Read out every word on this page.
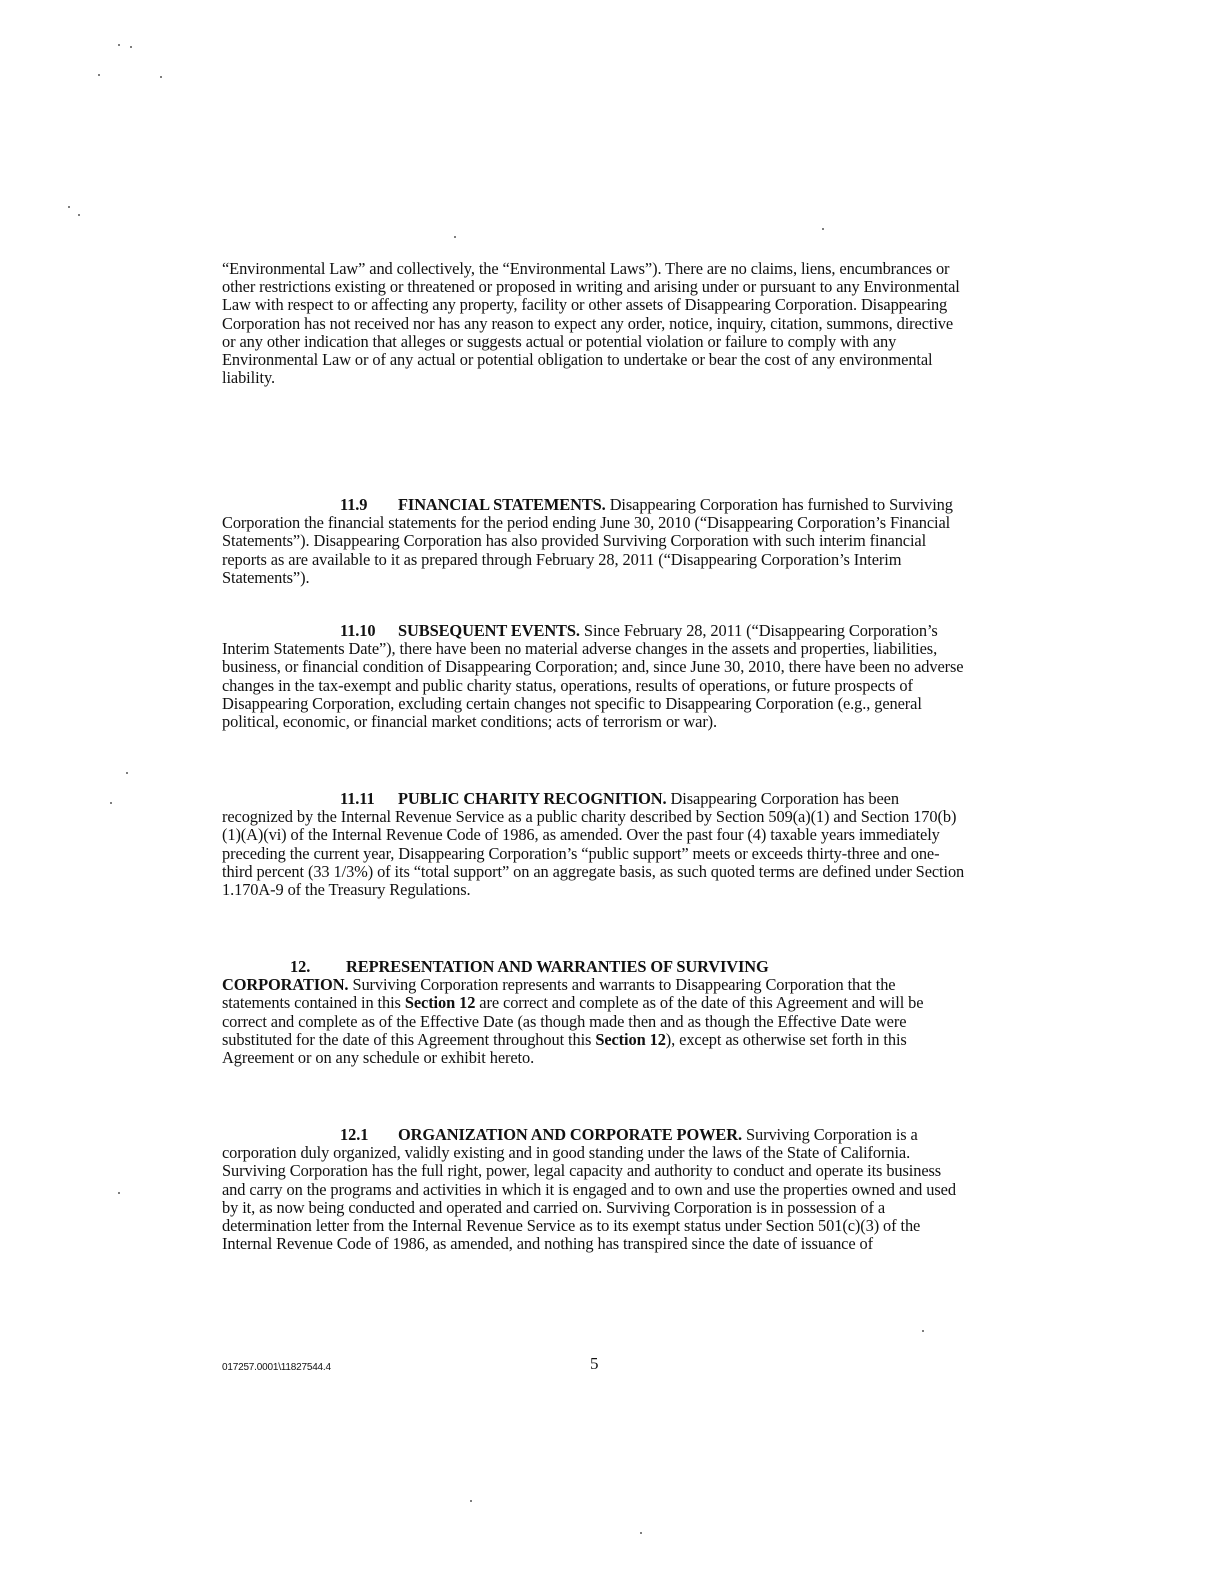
“Environmental Law” and collectively, the “Environmental Laws”). There are no claims, liens, encumbrances or other restrictions existing or threatened or proposed in writing and arising under or pursuant to any Environmental Law with respect to or affecting any property, facility or other assets of Disappearing Corporation. Disappearing Corporation has not received nor has any reason to expect any order, notice, inquiry, citation, summons, directive or any other indication that alleges or suggests actual or potential violation or failure to comply with any Environmental Law or of any actual or potential obligation to undertake or bear the cost of any environmental liability.

11.9 FINANCIAL STATEMENTS. Disappearing Corporation has furnished to Surviving Corporation the financial statements for the period ending June 30, 2010 (“Disappearing Corporation’s Financial Statements”). Disappearing Corporation has also provided Surviving Corporation with such interim financial reports as are available to it as prepared through February 28, 2011 (“Disappearing Corporation’s Interim Statements”).

11.10 SUBSEQUENT EVENTS. Since February 28, 2011 (“Disappearing Corporation’s Interim Statements Date”), there have been no material adverse changes in the assets and properties, liabilities, business, or financial condition of Disappearing Corporation; and, since June 30, 2010, there have been no adverse changes in the tax-exempt and public charity status, operations, results of operations, or future prospects of Disappearing Corporation, excluding certain changes not specific to Disappearing Corporation (e.g., general political, economic, or financial market conditions; acts of terrorism or war).

11.11 PUBLIC CHARITY RECOGNITION. Disappearing Corporation has been recognized by the Internal Revenue Service as a public charity described by Section 509(a)(1) and Section 170(b)(1)(A)(vi) of the Internal Revenue Code of 1986, as amended. Over the past four (4) taxable years immediately preceding the current year, Disappearing Corporation’s “public support” meets or exceeds thirty-three and one-third percent (33 1/3%) of its “total support” on an aggregate basis, as such quoted terms are defined under Section 1.170A-9 of the Treasury Regulations.

12. REPRESENTATION AND WARRANTIES OF SURVIVING
CORPORATION. Surviving Corporation represents and warrants to Disappearing Corporation that the statements contained in this Section 12 are correct and complete as of the date of this Agreement and will be correct and complete as of the Effective Date (as though made then and as though the Effective Date were substituted for the date of this Agreement throughout this Section 12), except as otherwise set forth in this Agreement or on any schedule or exhibit hereto.

12.1 ORGANIZATION AND CORPORATE POWER. Surviving Corporation is a corporation duly organized, validly existing and in good standing under the laws of the State of California. Surviving Corporation has the full right, power, legal capacity and authority to conduct and operate its business and carry on the programs and activities in which it is engaged and to own and use the properties owned and used by it, as now being conducted and operated and carried on. Surviving Corporation is in possession of a determination letter from the Internal Revenue Service as to its exempt status under Section 501(c)(3) of the Internal Revenue Code of 1986, as amended, and nothing has transpired since the date of issuance of

017257.0001\11827544.4	5
